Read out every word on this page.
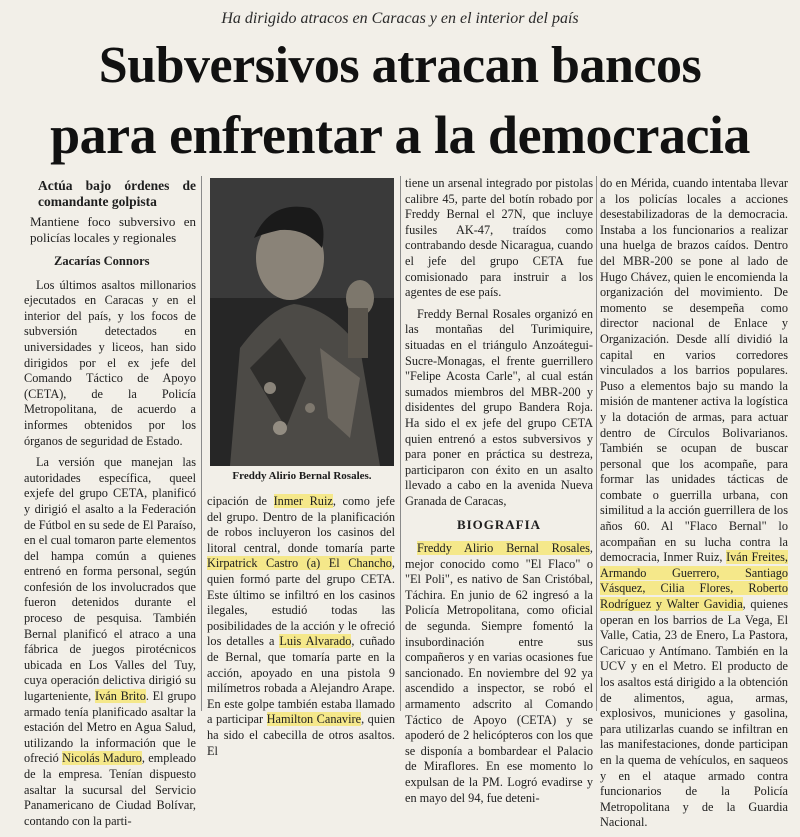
Ha dirigido atracos en Caracas y en el interior del país
Subversivos atracan bancos
para enfrentar a la democracia
Actúa bajo órdenes de comandante golpista
Mantiene foco subversivo en policías locales y regionales
Zacarías Connors

Los últimos asaltos millonarios ejecutados en Caracas y en el interior del país, y los focos de subversión detectados en universidades y liceos, han sido dirigidos por el ex jefe del Comando Táctico de Apoyo (CETA), de la Policía Metropolitana, de acuerdo a informes obtenidos por los órganos de seguridad de Estado.

La versión que manejan las autoridades específica, queel exjefe del grupo CETA, planificó y dirigió el asalto a la Federación de Fútbol en su sede de El Paraíso, en el cual tomaron parte elementos del hampa común a quienes entrenó en forma personal, según confesión de los involucrados que fueron detenidos durante el proceso de pesquisa. También Bernal planificó el atraco a una fábrica de juegos pirotécnicos ubicada en Los Valles del Tuy, cuya operación delictiva dirigió su lugarteniente, Iván Brito. El grupo armado tenía planificado asaltar la estación del Metro en Agua Salud, utilizando la información que le ofreció Nicolás Maduro, empleado de la empresa. Tenían dispuesto asaltar la sucursal del Servicio Panamericano de Ciudad Bolívar, contando con la parti-

Freddy Alirio Bernal Rosales.

cipación de Inmer Ruiz, como jefe del grupo. Dentro de la planificación de robos incluyeron los casinos del litoral central, donde tomaría parte Kirpatrick Castro (a) El Chancho, quien formó parte del grupo CETA. Este último se infiltró en los casinos ilegales, estudió todas las posibilidades de la acción y le ofreció los detalles a Luis Alvarado, cuñado de Bernal, que tomaría parte en la acción, apoyado en una pistola 9 milímetros robada a Alejandro Arape. En este golpe también estaba llamado a participar Hamilton Canavire, quien ha sido el cabecilla de otros asaltos. El

tiene un arsenal integrado por pistolas calibre 45, parte del botín robado por Freddy Bernal el 27N, que incluye fusiles AK-47, traídos como contrabando desde Nicaragua, cuando el jefe del grupo CETA fue comisionado para instruir a los agentes de ese país.

Freddy Bernal Rosales organizó en las montañas del Turimiquire, situadas en el triángulo Anzoátegui-Sucre-Monagas, el frente guerrillero "Felipe Acosta Carle", al cual están sumados miembros del MBR-200 y disidentes del grupo Bandera Roja. Ha sido el ex jefe del grupo CETA quien entrenó a estos subversivos y para poner en práctica su destreza, participaron con éxito en un asalto llevado a cabo en la avenida Nueva Granada de Caracas,

BIOGRAFIA

Freddy Alirio Bernal Rosales, mejor conocido como "El Flaco" o "El Poli", es nativo de San Cristóbal, Táchira. En junio de 62 ingresó a la Policía Metropolitana, como oficial de segunda. Siempre fomentó la insubordinación entre sus compañeros y en varias ocasiones fue sancionado. En noviembre del 92 ya ascendido a inspector, se robó el armamento adscrito al Comando Táctico de Apoyo (CETA) y se apoderó de 2 helicópteros con los que se disponía a bombardear el Palacio de Miraflores. En ese momento lo expulsan de la PM. Logró evadirse y en mayo del 94, fue deteni-

do en Mérida, cuando intentaba llevar a los policías locales a acciones desestabilizadoras de la democracia. Instaba a los funcionarios a realizar una huelga de brazos caídos. Dentro del MBR-200 se pone al lado de Hugo Chávez, quien le encomienda la organización del movimiento. De momento se desempeña como director nacional de Enlace y Organización. Desde allí dividió la capital en varios corredores vinculados a los barrios populares. Puso a elementos bajo su mando la misión de mantener activa la logística y la dotación de armas, para actuar dentro de Círculos Bolivarianos. También se ocupan de buscar personal que los acompañe, para formar las unidades tácticas de combate o guerrilla urbana, con similitud a la acción guerrillera de los años 60. Al "Flaco Bernal" lo acompañan en su lucha contra la democracia, Inmer Ruiz, Iván Freites, Armando Guerrero, Santiago Vásquez, Cilia Flores, Roberto Rodríguez y Walter Gavidia, quienes operan en los barrios de La Vega, El Valle, Catia, 23 de Enero, La Pastora, Caricuao y Antímano. También en la UCV y en el Metro. El producto de los asaltos está dirigido a la obtención de alimentos, agua, armas, explosivos, municiones y gasolina, para utilizarlas cuando se infiltran en las manifestaciones, donde participan en la quema de vehículos, en saqueos y en el ataque armado contra funcionarios de la Policía Metropolitana y de la Guardia Nacional.
